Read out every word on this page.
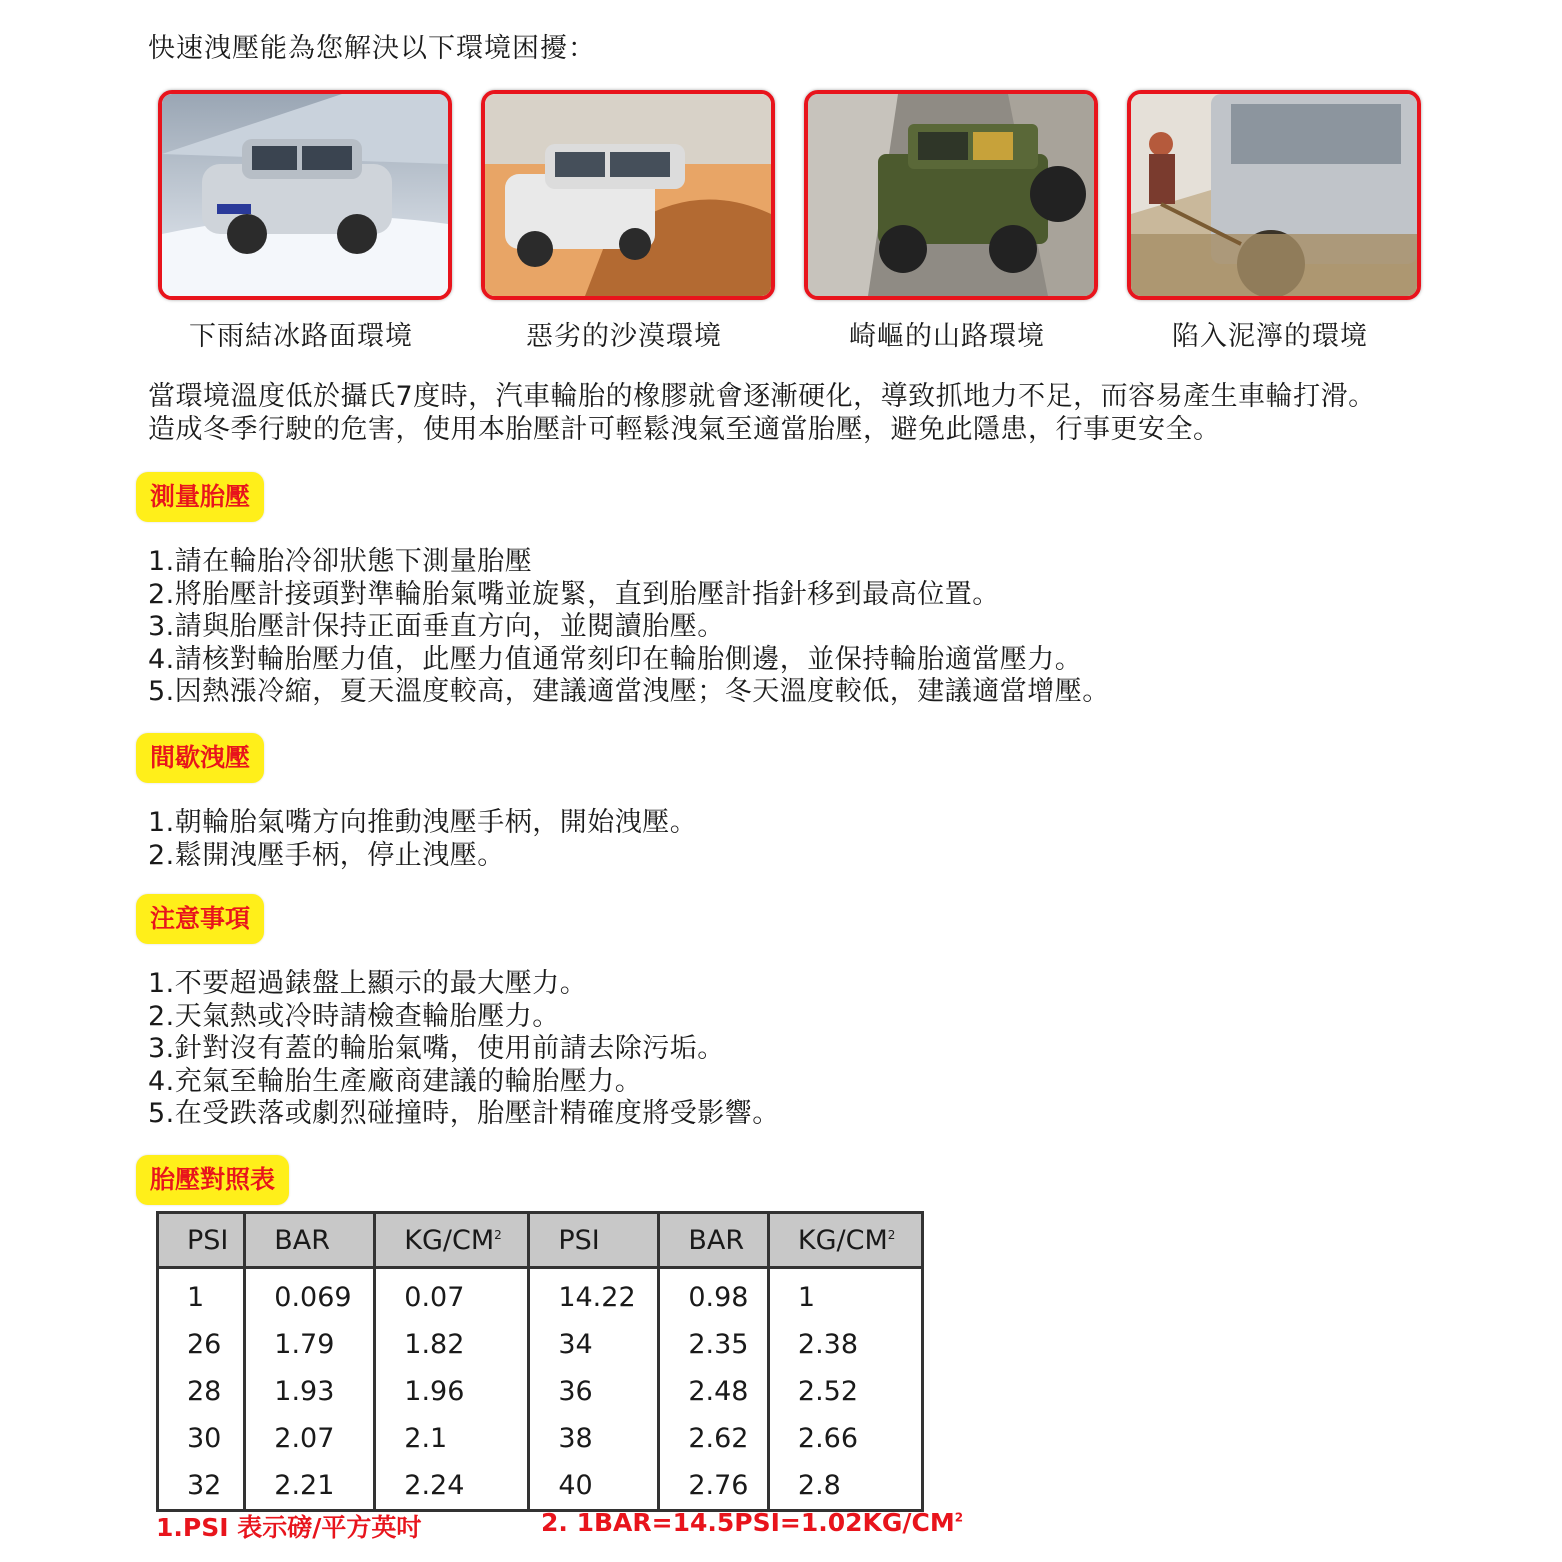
快速洩壓能為您解決以下環境困擾：
下雨結冰路面環境	惡劣的沙漠環境	崎嶇的山路環境	陷入泥濘的環境
當環境溫度低於攝氏7度時，汽車輪胎的橡膠就會逐漸硬化，導致抓地力不足，而容易產生車輪打滑。
造成冬季行駛的危害，使用本胎壓計可輕鬆洩氣至適當胎壓，避免此隱患，行事更安全。
測量胎壓
1.請在輪胎冷卻狀態下測量胎壓
2.將胎壓計接頭對準輪胎氣嘴並旋緊，直到胎壓計指針移到最高位置。
3.請與胎壓計保持正面垂直方向，並閱讀胎壓。
4.請核對輪胎壓力值，此壓力值通常刻印在輪胎側邊，並保持輪胎適當壓力。
5.因熱漲冷縮，夏天溫度較高，建議適當洩壓；冬天溫度較低，建議適當增壓。
間歇洩壓
1.朝輪胎氣嘴方向推動洩壓手柄，開始洩壓。
2.鬆開洩壓手柄，停止洩壓。
注意事項
1.不要超過錶盤上顯示的最大壓力。
2.天氣熱或冷時請檢查輪胎壓力。
3.針對沒有蓋的輪胎氣嘴，使用前請去除污垢。
4.充氣至輪胎生產廠商建議的輪胎壓力。
5.在受跌落或劇烈碰撞時，胎壓計精確度將受影響。
胎壓對照表
PSI	BAR	$KG/CM^2$	PSI	BAR	$KG/CM^2$
1	0.069	0.07	14.22	0.98	1
26	1.79	1.82	34	2.35	2.38
28	1.93	1.96	36	2.48	2.52
30	2.07	2.1	38	2.62	2.66
32	2.21	2.24	40	2.76	2.8
1.PSI 表示磅/平方英吋	2. $1BAR=14.5PSI=1.02KG/CM^2$
